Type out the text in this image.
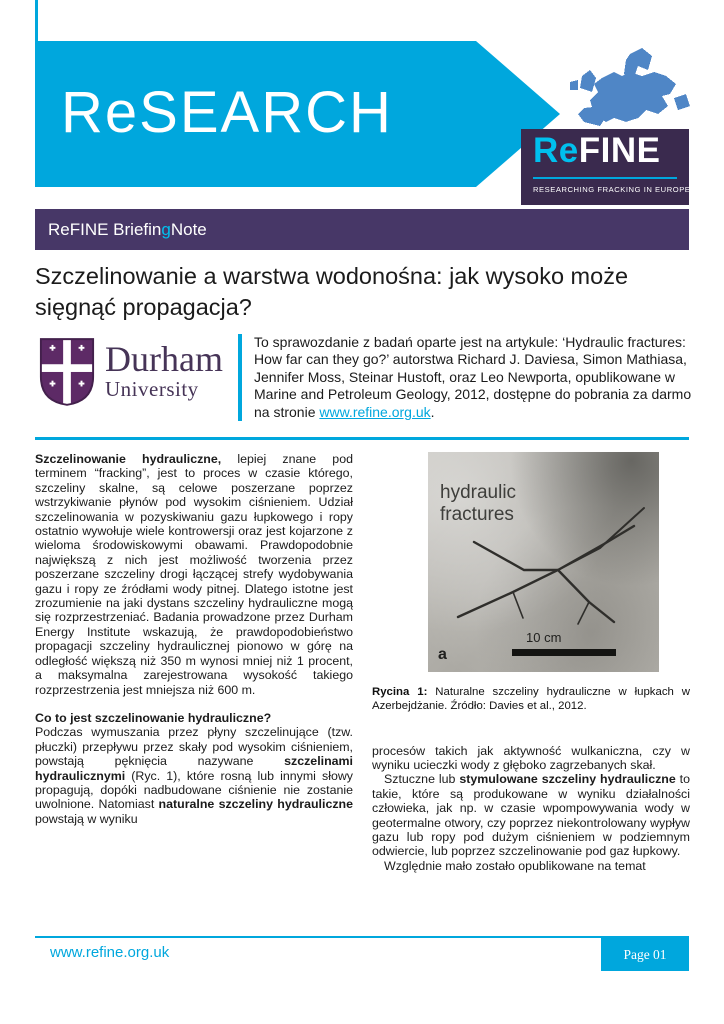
ReSEARCH
ReFINE
RESEARCHING FRACKING IN EUROPE
ReFINE Briefin g Note
Szczelinowanie a warstwa wodonośna: jak wysoko może sięgnąć propagacja?
Durham
University

To sprawozdanie z badań oparte jest na artykule: ‘Hydraulic fractures: How far can they go?’ autorstwa Richard J. Daviesa, Simon Mathiasa, Jennifer Moss, Steinar Hustoft, oraz Leo Newporta, opublikowane w Marine and Petroleum Geology, 2012, dostępne do pobrania za darmo na stronie www.refine.org.uk.

Szczelinowanie hydrauliczne, lepiej znane pod terminem “fracking”, jest to proces w czasie którego, szczeliny skalne, są celowe poszerzane poprzez wstrzykiwanie płynów pod wysokim ciśnieniem. Udział szczelinowania w pozyskiwaniu gazu łupkowego i ropy ostatnio wywołuje wiele kontrowersji oraz jest kojarzone z wieloma środowiskowymi obawami. Prawdopodobnie największą z nich jest możliwość tworzenia przez poszerzane szczeliny drogi łączącej strefy wydobywania gazu i ropy ze źródłami wody pitnej. Dlatego istotne jest zrozumienie na jaki dystans szczeliny hydrauliczne mogą się rozprzestrzeniać. Badania prowadzone przez Durham Energy Institute wskazują, że prawdopodobieństwo propagacji szczeliny hydraulicznej pionowo w górę na odległość większą niż 350 m wynosi mniej niż 1 procent, a maksymalna zarejestrowana wysokość takiego rozprzestrzenia jest mniejsza niż 600 m.

Co to jest szczelinowanie hydrauliczne?

Podczas wymuszania przez płyny szczelinujące (tzw. płuczki) przepływu przez skały pod wysokim ciśnieniem, powstają pęknięcia nazywane szczelinami hydraulicznymi (Ryc. 1), które rosną lub innymi słowy propagują, dopóki nadbudowane ciśnienie nie zostanie uwolnione. Natomiast naturalne szczeliny hydrauliczne powstają w wyniku

hydraulic fractures
a
10 cm

Rycina 1: Naturalne szczeliny hydrauliczne w łupkach w Azerbejdżanie. Źródło: Davies et al., 2012.

procesów takich jak aktywność wulkaniczna, czy w wyniku ucieczki wody z głęboko zagrzebanych skał.

Sztuczne lub stymulowane szczeliny hydrauliczne to takie, które są produkowane w wyniku działalności człowieka, jak np. w czasie wpompowywania wody w geotermalne otwory, czy poprzez niekontrolowany wypływ gazu lub ropy pod dużym ciśnieniem w podziemnym odwiercie, lub poprzez szczelinowanie pod gaz łupkowy.

Względnie mało zostało opublikowane na temat

www.refine.org.uk	Page 01
